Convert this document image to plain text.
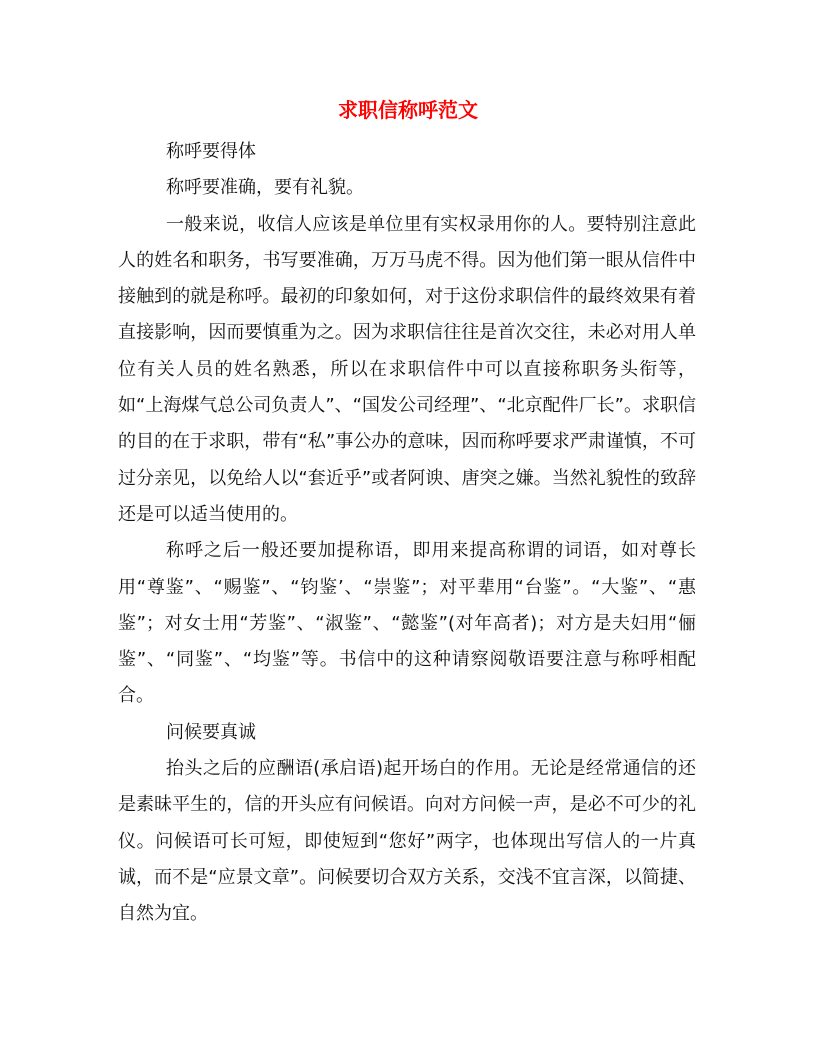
求职信称呼范文

称呼要得体

称呼要准确，要有礼貌。

一般来说，收信人应该是单位里有实权录用你的人。要特别注意此人的姓名和职务，书写要准确，万万马虎不得。因为他们第一眼从信件中接触到的就是称呼。最初的印象如何，对于这份求职信件的最终效果有着直接影响，因而要慎重为之。因为求职信往往是首次交往，未必对用人单位有关人员的姓名熟悉，所以在求职信件中可以直接称职务头衔等，如“上海煤气总公司负责人”、“国发公司经理”、“北京配件厂长”。求职信的目的在于求职，带有“私”事公办的意味，因而称呼要求严肃谨慎，不可过分亲见，以免给人以“套近乎”或者阿谀、唐突之嫌。当然礼貌性的致辞还是可以适当使用的。

称呼之后一般还要加提称语，即用来提高称谓的词语，如对尊长用“尊鉴”、“赐鉴”、“钧鉴’、“崇鉴”；对平辈用“台鉴”。“大鉴”、“惠鉴”；对女士用“芳鉴”、“淑鉴”、“懿鉴”(对年高者)；对方是夫妇用“俪鉴”、“同鉴”、“均鉴”等。书信中的这种请察阅敬语要注意与称呼相配合。

问候要真诚

抬头之后的应酬语(承启语)起开场白的作用。无论是经常通信的还是素昧平生的，信的开头应有问候语。向对方问候一声，是必不可少的礼仪。问候语可长可短，即使短到“您好”两字，也体现出写信人的一片真诚，而不是“应景文章”。问候要切合双方关系，交浅不宜言深，以简捷、自然为宜。
